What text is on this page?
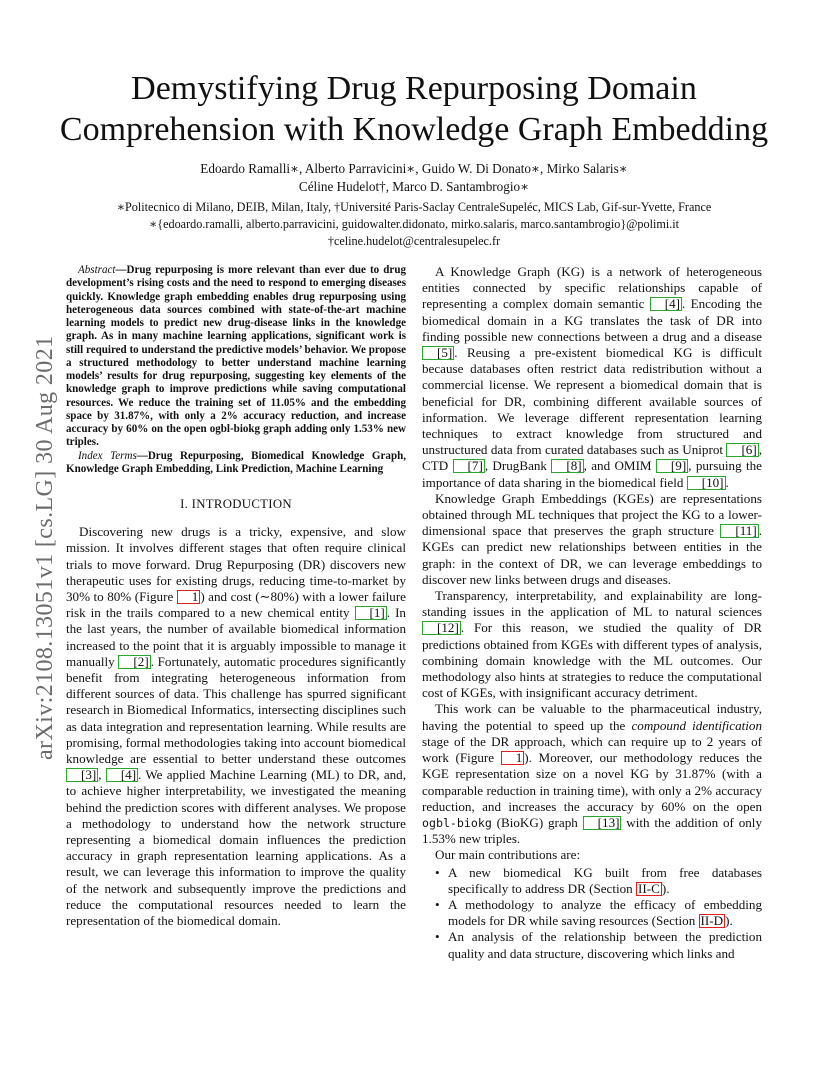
Demystifying Drug Repurposing Domain
Comprehension with Knowledge Graph Embedding
Edoardo Ramalli∗, Alberto Parravicini∗, Guido W. Di Donato∗, Mirko Salaris∗
Céline Hudelot†, Marco D. Santambrogio∗
∗Politecnico di Milano, DEIB, Milan, Italy, †Université Paris-Saclay CentraleSupeléc, MICS Lab, Gif-sur-Yvette, France
∗{edoardo.ramalli, alberto.parravicini, guidowalter.didonato, mirko.salaris, marco.santambrogio}@polimi.it
†celine.hudelot@centralesupelec.fr
arXiv:2108.13051v1 [cs.LG] 30 Aug 2021

Abstract—Drug repurposing is more relevant than ever due to drug development’s rising costs and the need to respond to emerging diseases quickly. Knowledge graph embedding enables drug repurposing using heterogeneous data sources combined with state-of-the-art machine learning models to predict new drug-disease links in the knowledge graph. As in many machine learning applications, significant work is still required to understand the predictive models’ behavior. We propose a structured methodology to better understand machine learning models’ results for drug repurposing, suggesting key elements of the knowledge graph to improve predictions while saving computational resources. We reduce the training set of 11.05% and the embedding space by 31.87%, with only a 2% accuracy reduction, and increase accuracy by 60% on the open ogbl-biokg graph adding only 1.53% new triples.

Index Terms—Drug Repurposing, Biomedical Knowledge Graph, Knowledge Graph Embedding, Link Prediction, Machine Learning

I. INTRODUCTION

Discovering new drugs is a tricky, expensive, and slow mission. It involves different stages that often require clinical trials to move forward. Drug Repurposing (DR) discovers new therapeutic uses for existing drugs, reducing time-to-market by 30% to 80% (Figure 1 ) and cost (∼80%) with a lower failure risk in the trails compared to a new chemical entity [1] . In the last years, the number of available biomedical information increased to the point that it is arguably impossible to manage it manually [2] . Fortunately, automatic procedures significantly benefit from integrating heterogeneous information from different sources of data. This challenge has spurred significant research in Biomedical Informatics, intersecting disciplines such as data integration and representation learning. While results are promising, formal methodologies taking into account biomedical knowledge are essential to better understand these outcomes [3] , [4] . We applied Machine Learning (ML) to DR, and, to achieve higher interpretability, we investigated the meaning behind the prediction scores with different analyses. We propose a methodology to understand how the network structure representing a biomedical domain influences the prediction accuracy in graph representation learning applications. As a result, we can leverage this information to improve the quality of the network and subsequently improve the predictions and reduce the computational resources needed to learn the representation of the biomedical domain.

A Knowledge Graph (KG) is a network of heterogeneous entities connected by specific relationships capable of representing a complex domain semantic [4] . Encoding the biomedical domain in a KG translates the task of DR into finding possible new connections between a drug and a disease [5] . Reusing a pre-existent biomedical KG is difficult because databases often restrict data redistribution without a commercial license. We represent a biomedical domain that is beneficial for DR, combining different available sources of information. We leverage different representation learning techniques to extract knowledge from structured and unstructured data from curated databases such as Uniprot [6] , CTD [7] , DrugBank [8] , and OMIM [9] , pursuing the importance of data sharing in the biomedical field [10] .

Knowledge Graph Embeddings (KGEs) are representations obtained through ML techniques that project the KG to a lower-dimensional space that preserves the graph structure [11] . KGEs can predict new relationships between entities in the graph: in the context of DR, we can leverage embeddings to discover new links between drugs and diseases.

Transparency, interpretability, and explainability are long-standing issues in the application of ML to natural sciences [12] . For this reason, we studied the quality of DR predictions obtained from KGEs with different types of analysis, combining domain knowledge with the ML outcomes. Our methodology also hints at strategies to reduce the computational cost of KGEs, with insignificant accuracy detriment.

This work can be valuable to the pharmaceutical industry, having the potential to speed up the compound identification stage of the DR approach, which can require up to 2 years of work (Figure 1 ). Moreover, our methodology reduces the KGE representation size on a novel KG by 31.87% (with a comparable reduction in training time), with only a 2% accuracy reduction, and increases the accuracy by 60% on the open ogbl-biokg (BioKG) graph [13] with the addition of only 1.53% new triples.

Our main contributions are:

• A new biomedical KG built from free databases specifically to address DR (Section II-C ).
• A methodology to analyze the efficacy of embedding models for DR while saving resources (Section II-D ).
• An analysis of the relationship between the prediction quality and data structure, discovering which links and
